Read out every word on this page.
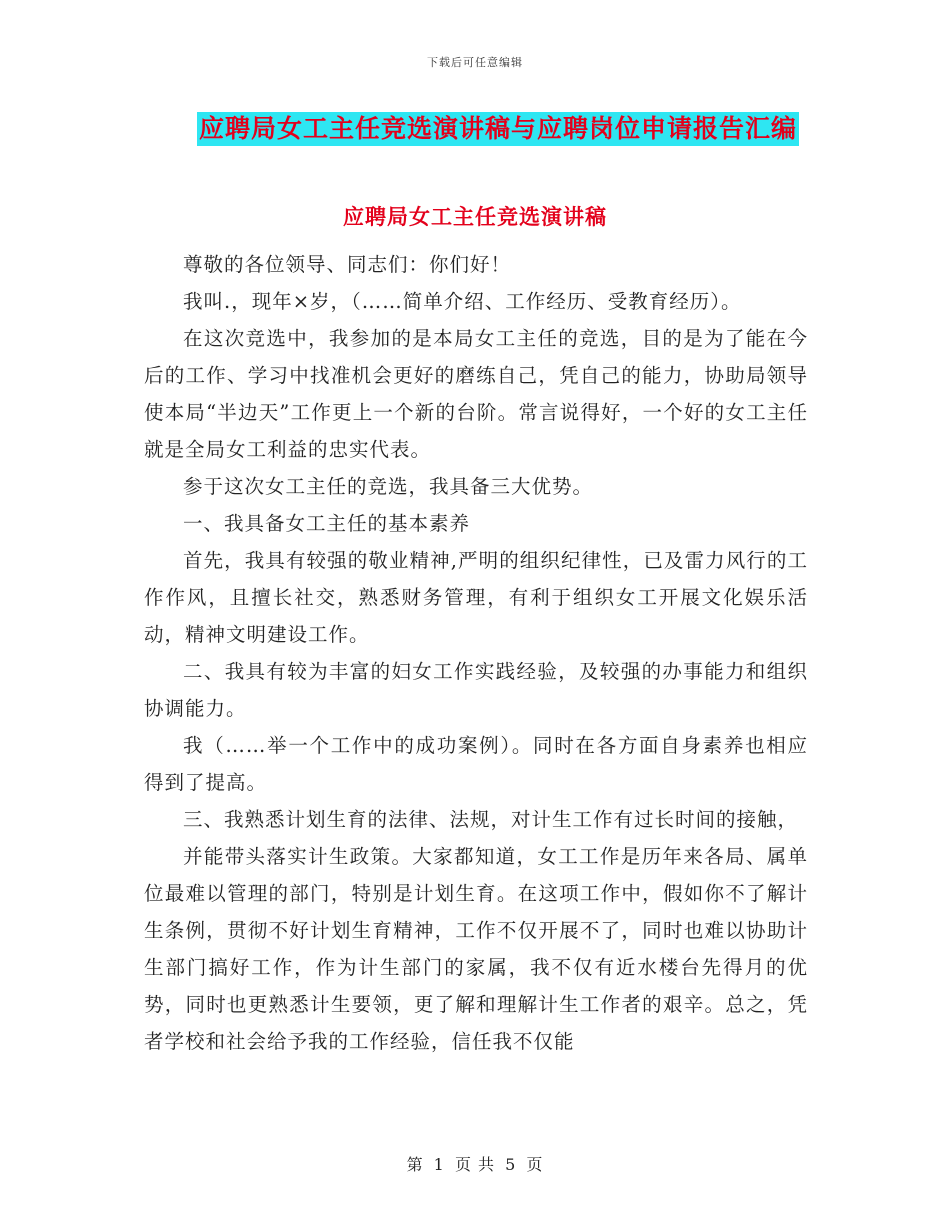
下载后可任意编辑
应聘局女工主任竞选演讲稿与应聘岗位申请报告汇编
应聘局女工主任竞选演讲稿

尊敬的各位领导、同志们：你们好！

我叫.，现年×岁，（……简单介绍、工作经历、受教育经历）。

在这次竞选中，我参加的是本局女工主任的竞选，目的是为了能在今后的工作、学习中找准机会更好的磨练自己，凭自己的能力，协助局领导使本局“半边天”工作更上一个新的台阶。常言说得好，一个好的女工主任就是全局女工利益的忠实代表。

参于这次女工主任的竞选，我具备三大优势。

一、我具备女工主任的基本素养

首先，我具有较强的敬业精神,严明的组织纪律性，已及雷力风行的工作作风，且擅长社交，熟悉财务管理，有利于组织女工开展文化娱乐活动，精神文明建设工作。

二、我具有较为丰富的妇女工作实践经验，及较强的办事能力和组织协调能力。

我（……举一个工作中的成功案例）。同时在各方面自身素养也相应得到了提高。

三、我熟悉计划生育的法律、法规，对计生工作有过长时间的接触，

并能带头落实计生政策。大家都知道，女工工作是历年来各局、属单位最难以管理的部门，特别是计划生育。在这项工作中，假如你不了解计生条例，贯彻不好计划生育精神，工作不仅开展不了，同时也难以协助计生部门搞好工作，作为计生部门的家属，我不仅有近水楼台先得月的优势，同时也更熟悉计生要领，更了解和理解计生工作者的艰辛。总之，凭者学校和社会给予我的工作经验，信任我不仅能

第 1 页 共 5 页
